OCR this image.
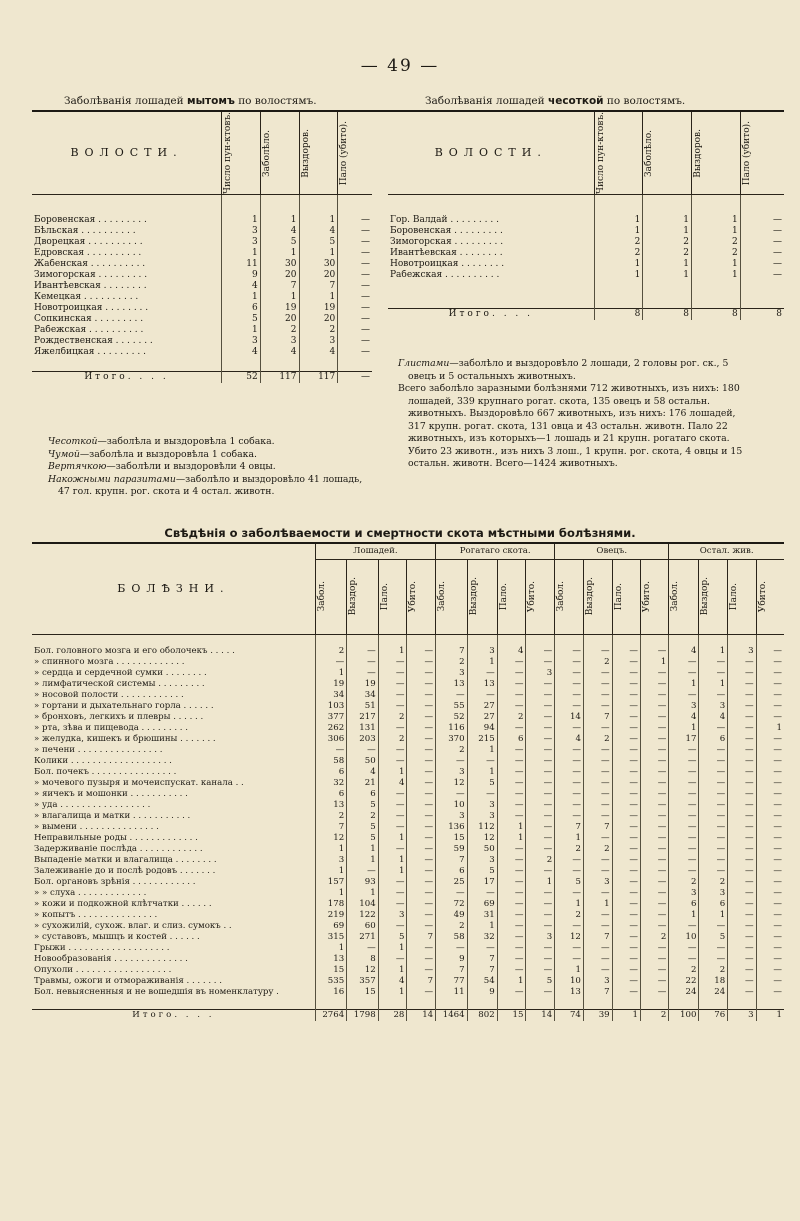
— 49 —
Заболѣванія лошадей мытомъ по волостямъ.	Заболѣванія лошадей чесоткой по волостямъ.
ВОЛОСТИ.	Число пун-ктовъ.	Заболѣло.	Выздоров.	Пало (убито).

Боровенская . . . . . . . . .	1	1	1	—
Бѣльская . . . . . . . . . .	3	4	4	—
Дворецкая . . . . . . . . . .	3	5	5	—
Едровская . . . . . . . . . .	1	1	1	—
Жабенская . . . . . . . . . .	11	30	30	—
Зимогорская . . . . . . . . .	9	20	20	—
Ивантѣевская . . . . . . . .	4	7	7	—
Кемецкая . . . . . . . . . .	1	1	1	—
Новотроицкая . . . . . . . .	6	19	19	—
Сопкинская . . . . . . . . .	5	20	20	—
Рабежская . . . . . . . . . .	1	2	2	—
Рождественская . . . . . . .	3	3	3	—
Яжелбицкая . . . . . . . . .	4	4	4	—

Итого. . . .	52	117	117	—
ВОЛОСТИ.	Число пун-ктовъ.	Заболѣло.	Выздоров.	Пало (убито).

Гор. Валдай . . . . . . . . .	1	1	1	—
Боровенская . . . . . . . . .	1	1	1	—
Зимогорская . . . . . . . . .	2	2	2	—
Ивантѣевская . . . . . . . .	2	2	2	—
Новотроицкая . . . . . . . .	1	1	1	—
Рабежская . . . . . . . . . .	1	1	1	—

Итого. . . .	8	8	8	8
Чесоткой—заболѣла и выздоровѣла 1 собака.
Чумой—заболѣла и выздоровѣла 1 собака.
Вертячкою—заболѣли и выздоровѣли 4 овцы.
Накожными паразитами—заболѣло и выздоровѣло 41 лошадь, 47 гол. крупн. рог. скота и 4 остал. животн.
Глистами—заболѣло и выздоровѣло 2 лошади, 2 головы рог. ск., 5 овецъ и 5 остальныхъ животныхъ.
Всего заболѣло заразными болѣзнями 712 животныхъ, изъ нихъ: 180 лошадей, 339 крупнаго рогат. скота, 135 овецъ и 58 остальн. животныхъ. Выздоровѣло 667 животныхъ, изъ нихъ: 176 лошадей, 317 крупн. рогат. скота, 131 овца и 43 остальн. животн. Пало 22 животныхъ, изъ которыхъ—1 лошадь и 21 крупн. рогатаго скота. Убито 23 животн., изъ нихъ 3 лош., 1 крупн. рог. скота, 4 овцы и 15 остальн. животн. Всего—1424 животныхъ.
Свѣдѣнія о заболѣваемости и смертности скота мѣстными болѣзнями.
БОЛѢЗНИ.	Лошадей.				Рогатаго скота.				Овецъ.				Остал. жив.			

	Забол.	Выздор.	Пало.	Убито.	Забол.	Выздор.	Пало.	Убито.	Забол.	Выздор.	Пало.	Убито.	Забол.	Выздор.	Пало.	Убито.

Бол. головного мозга и его оболочекъ . . . . .	2	—	1	—	7	3	4	—	—	—	—	—	4	1	3	—
» спинного мозга . . . . . . . . . . . . .	—	—	—	—	2	1	—	—	—	2	—	1	—	—	—	—
» сердца и сердечной сумки . . . . . . . .	1	—	—	—	3	—	—	3	—	—	—	—	—	—	—	—
» лимфатической системы . . . . . . . . .	19	19	—	—	13	13	—	—	—	—	—	—	1	1	—	—
» носовой полости . . . . . . . . . . . .	34	34	—	—	—	—	—	—	—	—	—	—	—	—	—	—
» гортани и дыхательнаго горла . . . . . .	103	51	—	—	55	27	—	—	—	—	—	—	3	3	—	—
» бронховъ, легкихъ и плевры . . . . . .	377	217	2	—	52	27	2	—	14	7	—	—	4	4	—	—
» рта, зѣва и пищевода . . . . . . . . .	262	131	—	—	116	94	—	—	—	—	—	—	1	—	—	1
» желудка, кишекъ и брюшины . . . . . . .	306	203	2	—	370	215	6	—	4	2	—	—	17	6	—	—
» печени . . . . . . . . . . . . . . . .	—	—	—	—	2	1	—	—	—	—	—	—	—	—	—	—
Колики . . . . . . . . . . . . . . . . . . .	58	50	—	—	—	—	—	—	—	—	—	—	—	—	—	—
Бол. почекъ . . . . . . . . . . . . . . . .	6	4	1	—	3	1	—	—	—	—	—	—	—	—	—	—
» мочевого пузыря и мочеиспускат. канала . .	32	21	4	—	12	5	—	—	—	—	—	—	—	—	—	—
» яичекъ и мошонки . . . . . . . . . . .	6	6	—	—	—	—	—	—	—	—	—	—	—	—	—	—
» уда . . . . . . . . . . . . . . . . .	13	5	—	—	10	3	—	—	—	—	—	—	—	—	—	—
» влагалища и матки . . . . . . . . . . .	2	2	—	—	3	3	—	—	—	—	—	—	—	—	—	—
» вымени . . . . . . . . . . . . . . .	7	5	—	—	136	112	1	—	7	7	—	—	—	—	—	—
Неправильные роды . . . . . . . . . . . . .	12	5	1	—	15	12	1	—	1	—	—	—	—	—	—	—
Задерживаніе послѣда . . . . . . . . . . . .	1	1	—	—	59	50	—	—	2	2	—	—	—	—	—	—
Выпаденіе матки и влагалища . . . . . . . .	3	1	1	—	7	3	—	2	—	—	—	—	—	—	—	—
Залеживаніе до и послѣ родовъ . . . . . . .	1	—	1	—	6	5	—	—	—	—	—	—	—	—	—	—
Бол. органовъ зрѣнія . . . . . . . . . . . .	157	93	—	—	25	17	—	1	5	3	—	—	2	2	—	—
» » слуха . . . . . . . . . . . . .	1	1	—	—	—	—	—	—	—	—	—	—	3	3	—	—
» кожи и подкожной клѣтчатки . . . . . .	178	104	—	—	72	69	—	—	1	1	—	—	6	6	—	—
» копытъ . . . . . . . . . . . . . . .	219	122	3	—	49	31	—	—	2	—	—	—	1	1	—	—
» сухожилій, сухож. влаг. и слиз. сумокъ . .	69	60	—	—	2	1	—	—	—	—	—	—	—	—	—	—
» суставовъ, мышцъ и костей . . . . . .	315	271	5	7	58	32	—	3	12	7	—	2	10	5	—	—
Грыжи . . . . . . . . . . . . . . . . . . .	1	—	1	—	—	—	—	—	—	—	—	—	—	—	—	—
Новообразованія . . . . . . . . . . . . . .	13	8	—	—	9	7	—	—	—	—	—	—	—	—	—	—
Опухоли . . . . . . . . . . . . . . . . . .	15	12	1	—	7	7	—	—	1	—	—	—	2	2	—	—
Травмы, ожоги и отмораживанія . . . . . . .	535	357	4	7	77	54	1	5	10	3	—	—	22	18	—	—
Бол. невыясненныя и не вошедшія въ номенклатуру .	16	15	1	—	11	9	—	—	13	7	—	—	24	24	—	—

Итого. . . .	2764	1798	28	14	1464	802	15	14	74	39	1	2	100	76	3	1
